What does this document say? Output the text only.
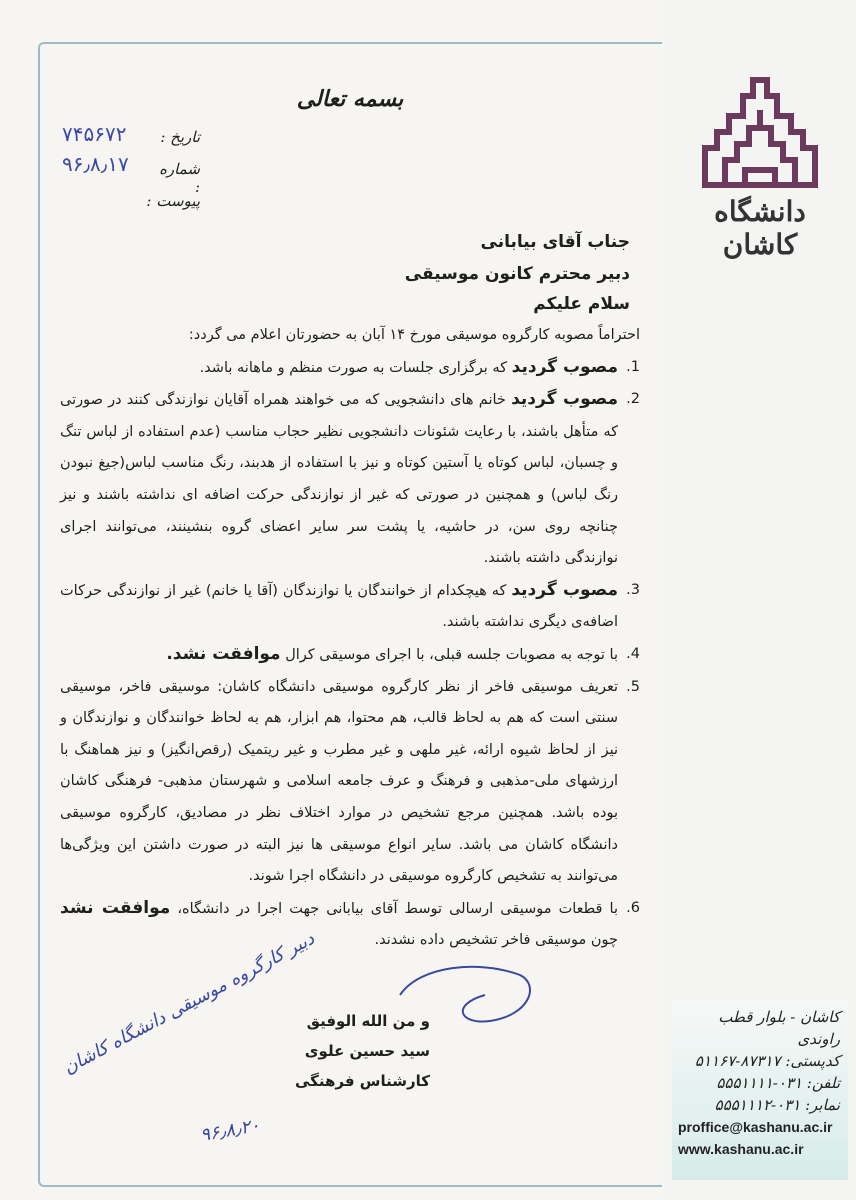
دانشگاه کاشان
بسمه تعالی
تاریخ :
۷۴۵۶۷۲
شماره :
۹۶٫۸٫۱۷
پیوست :
جناب آقای بیابانی
دبیر محترم کانون موسیقی
سلام علیکم

احتراماً مصوبه کارگروه موسیقی مورخ ۱۴ آبان به حضورتان اعلام می گردد:

1.
مصوب گردید که برگزاری جلسات به صورت منظم و ماهانه باشد.
2.
مصوب گردید خانم های دانشجویی که می خواهند همراه آقایان نوازندگی کنند در صورتی که متأهل باشند، با رعایت شئونات دانشجویی نظیر حجاب مناسب (عدم استفاده از لباس تنگ و چسبان، لباس کوتاه یا آستین کوتاه و نیز با استفاده از هدبند، رنگ مناسب لباس(جیغ نبودن رنگ لباس) و همچنین در صورتی که غیر از نوازندگی حرکت اضافه ای نداشته باشند و نیز چنانچه روی سن، در حاشیه، یا پشت سر سایر اعضای گروه بنشینند، می‌توانند اجرای نوازندگی داشته باشند.
3.
مصوب گردید که هیچکدام از خوانندگان یا نوازندگان (آقا یا خانم) غیر از نوازندگی حرکات اضافه‌ی دیگری نداشته باشند.
4.
با توجه به مصوبات جلسه قبلی، با اجرای موسیقی کرال موافقت نشد.
5.
تعریف موسیقی فاخر از نظر کارگروه موسیقی دانشگاه کاشان: موسیقی فاخر، موسیقی سنتی است که هم به لحاظ قالب، هم محتوا، هم ابزار، هم به لحاظ خوانندگان و نوازندگان و نیز از لحاظ شیوه ارائه، غیر ملهی و غیر مطرب و غیر ریتمیک (رقص‌انگیز) و نیز هماهنگ با ارزشهای ملی-مذهبی و فرهنگ و عرف جامعه اسلامی و شهرستان مذهبی- فرهنگی کاشان بوده باشد. همچنین مرجع تشخیص در موارد اختلاف نظر در مصادیق، کارگروه موسیقی دانشگاه کاشان می باشد. سایر انواع موسیقی ها نیز البته در صورت داشتن این ویژگی‌ها می‌توانند به تشخیص کارگروه موسیقی در دانشگاه اجرا شوند.
6.
با قطعات موسیقی ارسالی توسط آقای بیابانی جهت اجرا در دانشگاه، موافقت نشد چون موسیقی فاخر تشخیص داده نشدند.
و من الله الوفیق
سید حسین علوی
کارشناس فرهنگی
دبیر کارگروه موسیقی دانشگاه کاشان
۹۶٫۸٫۲۰
کاشان - بلوار قطب راوندی
کدپستی: ۸۷۳۱۷-۵۱۱۶۷
تلفن: ۰۳۱-۵۵۵۱۱۱۱
نمابر: ۰۳۱-۵۵۵۱۱۱۲
proffice@kashanu.ac.ir
www.kashanu.ac.ir
